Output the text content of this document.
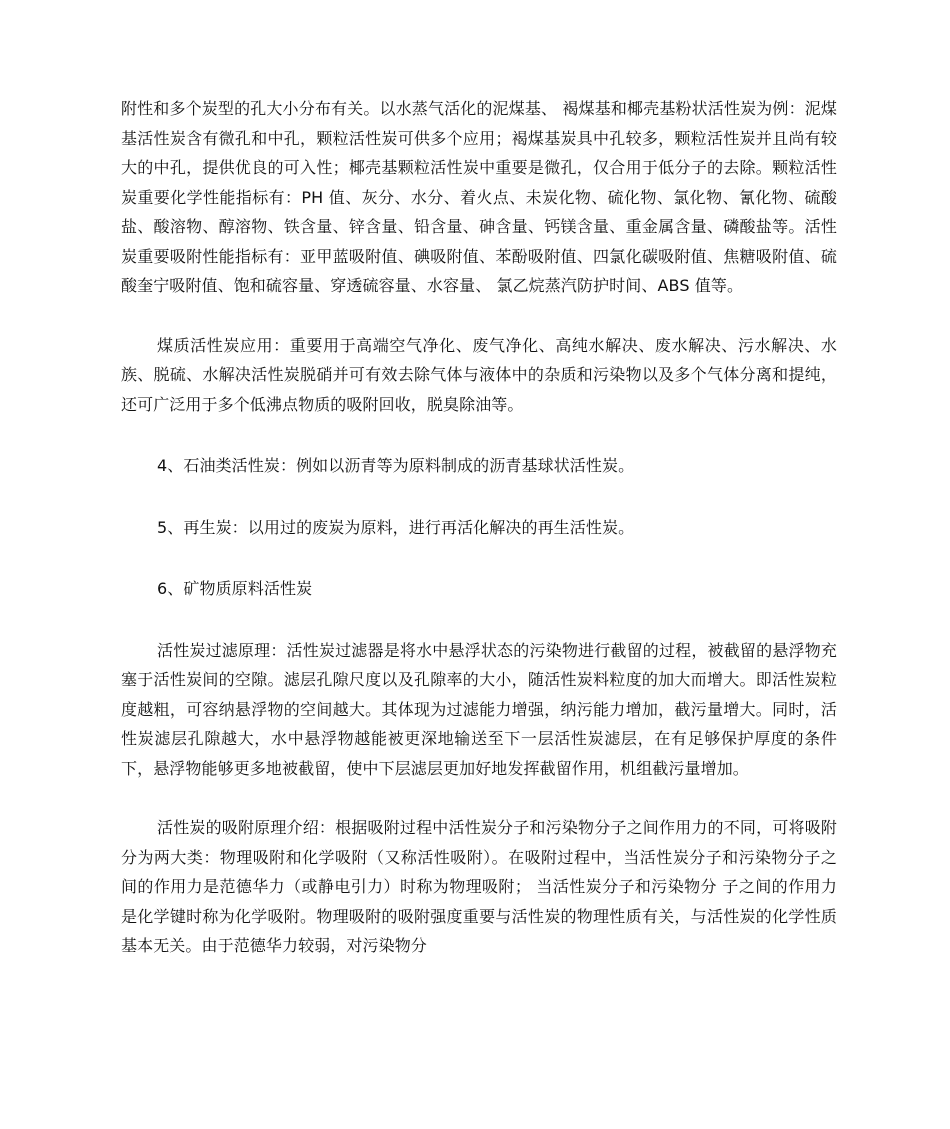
附性和多个炭型的孔大小分布有关。以水蒸气活化的泥煤基、 褐煤基和椰壳基粉状活性炭为例：泥煤基活性炭含有微孔和中孔，颗粒活性炭可供多个应用；褐煤基炭具中孔较多，颗粒活性炭并且尚有较大的中孔，提供优良的可入性；椰壳基颗粒活性炭中重要是微孔，仅合用于低分子的去除。颗粒活性炭重要化学性能指标有：PH 值、灰分、水分、着火点、未炭化物、硫化物、氯化物、氰化物、硫酸盐、酸溶物、醇溶物、铁含量、锌含量、铅含量、砷含量、钙镁含量、重金属含量、磷酸盐等。活性炭重要吸附性能指标有：亚甲蓝吸附值、碘吸附值、苯酚吸附值、四氯化碳吸附值、焦糖吸附值、硫酸奎宁吸附值、饱和硫容量、穿透硫容量、水容量、 氯乙烷蒸汽防护时间、ABS 值等。

煤质活性炭应用：重要用于高端空气净化、废气净化、高纯水解决、废水解决、污水解决、水族、脱硫、水解决活性炭脱硝并可有效去除气体与液体中的杂质和污染物以及多个气体分离和提纯，还可广泛用于多个低沸点物质的吸附回收，脱臭除油等。

4、石油类活性炭：例如以沥青等为原料制成的沥青基球状活性炭。

5、再生炭：以用过的废炭为原料，进行再活化解决的再生活性炭。

6、矿物质原料活性炭

活性炭过滤原理：活性炭过滤器是将水中悬浮状态的污染物进行截留的过程，被截留的悬浮物充塞于活性炭间的空隙。滤层孔隙尺度以及孔隙率的大小，随活性炭料粒度的加大而增大。即活性炭粒度越粗，可容纳悬浮物的空间越大。其体现为过滤能力增强，纳污能力增加，截污量增大。同时，活性炭滤层孔隙越大，水中悬浮物越能被更深地输送至下一层活性炭滤层，在有足够保护厚度的条件下，悬浮物能够更多地被截留，使中下层滤层更加好地发挥截留作用，机组截污量增加。

活性炭的吸附原理介绍：根据吸附过程中活性炭分子和污染物分子之间作用力的不同，可将吸附分为两大类：物理吸附和化学吸附（又称活性吸附）。在吸附过程中，当活性炭分子和污染物分子之间的作用力是范德华力（或静电引力）时称为物理吸附； 当活性炭分子和污染物分 子之间的作用力是化学键时称为化学吸附。物理吸附的吸附强度重要与活性炭的物理性质有关，与活性炭的化学性质基本无关。由于范德华力较弱，对污染物分
